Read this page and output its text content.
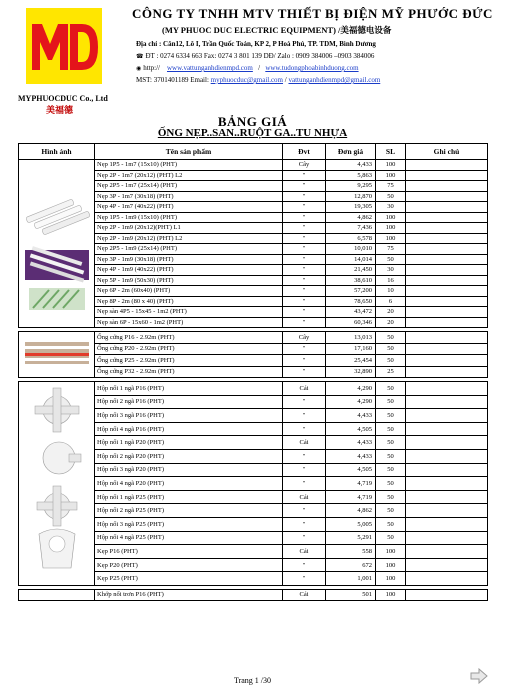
MYPHUOCDUC Co., Ltd
美福德
CÔNG TY TNHH MTV THIẾT BỊ ĐIỆN MỸ PHƯỚC ĐỨC
(MY PHUOC DUC ELECTRIC EQUIPMENT) /美福德电设备
Địa chỉ : Căn12, Lô I, Trần Quốc Toản, KP 2, P Hoà Phú, TP. TDM, Bình Dương
☎ ĐT : 0274 6334 663 Fax: 0274 3 801 139 DĐ/ Zalo : 0909 384006 –0903 384006
◉ http:// www.vattunganhdienmpd.com / www.tudongphoabinhduong.com
MST: 3701401189 Email: myphuocduc@gmail.com / vattunganhdienmpd@gmail.com
BẢNG GIÁ
ỐNG NẸP..SAN..RUỘT GA..TU NHỰA
Hình ảnh	Tên sản phẩm	Đvt	Đơn giá	SL	Ghi chú
	Nẹp 1P5 - 1m7 (15x10) (PHT)	Cây	4,433	100	
	Nẹp 2P - 1m7 (20x12) (PHT) L2	"	5,863	100	
	Nẹp 2P5 - 1m7 (25x14) (PHT)	"	9,295	75	
	Nẹp 3P - 1m7 (30x18) (PHT)	"	12,870	50	
	Nẹp 4P - 1m7 (40x22) (PHT)	"	19,305	30	
	Nẹp 1P5 - 1m9 (15x10) (PHT)	"	4,862	100	
	Nẹp 2P - 1m9 (20x12)(PHT) L1	"	7,436	100	
	Nẹp 2P - 1m9 (20x12) (PHT) L2	"	6,578	100	
	Nẹp 2P5 - 1m9 (25x14) (PHT)	"	10,010	75	
	Nẹp 3P - 1m9 (30x18) (PHT)	"	14,014	50	
	Nẹp 4P - 1m9 (40x22) (PHT)	"	21,450	30	
	Nẹp 5P - 1m9 (50x30) (PHT)	"	38,610	16	
	Nẹp 6P - 2m (60x40) (PHT)	"	57,200	10	
	Nẹp 8P - 2m (80 x 40) (PHT)	"	78,650	6	
	Nẹp sàn 4P5 - 15x45 - 1m2 (PHT)	"	43,472	20	
	Nẹp sàn 6P - 15x60 - 1m2 (PHT)	"	60,346	20	

	Ống cứng P16 - 2.92m (PHT)	Cây	13,013	50	
	Ống cứng P20 - 2.92m (PHT)	"	17,160	50	
	Ống cứng P25 - 2.92m (PHT)	"	25,454	50	
	Ống cứng P32 - 2.92m (PHT)	"	32,890	25	

	Hộp nối 1 ngã P16 (PHT)	Cái	4,290	50	
	Hộp nối 2 ngã P16 (PHT)	"	4,290	50	
	Hộp nối 3 ngã P16 (PHT)	"	4,433	50	
	Hộp nối 4 ngã P16 (PHT)	"	4,505	50	
	Hộp nối 1 ngã P20 (PHT)	Cái	4,433	50	
	Hộp nối 2 ngã P20 (PHT)	"	4,433	50	
	Hộp nối 3 ngã P20 (PHT)	"	4,505	50	
	Hộp nối 4 ngã P20 (PHT)	"	4,719	50	
	Hộp nối 1 ngã P25 (PHT)	Cái	4,719	50	
	Hộp nối 2 ngã P25 (PHT)	"	4,862	50	
	Hộp nối 3 ngã P25 (PHT)	"	5,005	50	
	Hộp nối 4 ngã P25 (PHT)	"	5,291	50	
	Kẹp P16 (PHT)	Cái	558	100	
	Kẹp P20 (PHT)	"	672	100	
	Kẹp P25 (PHT)	"	1,001	100	

	Khớp nối trơn P16 (PHT)	Cái	501	100	
Trang 1 /30
